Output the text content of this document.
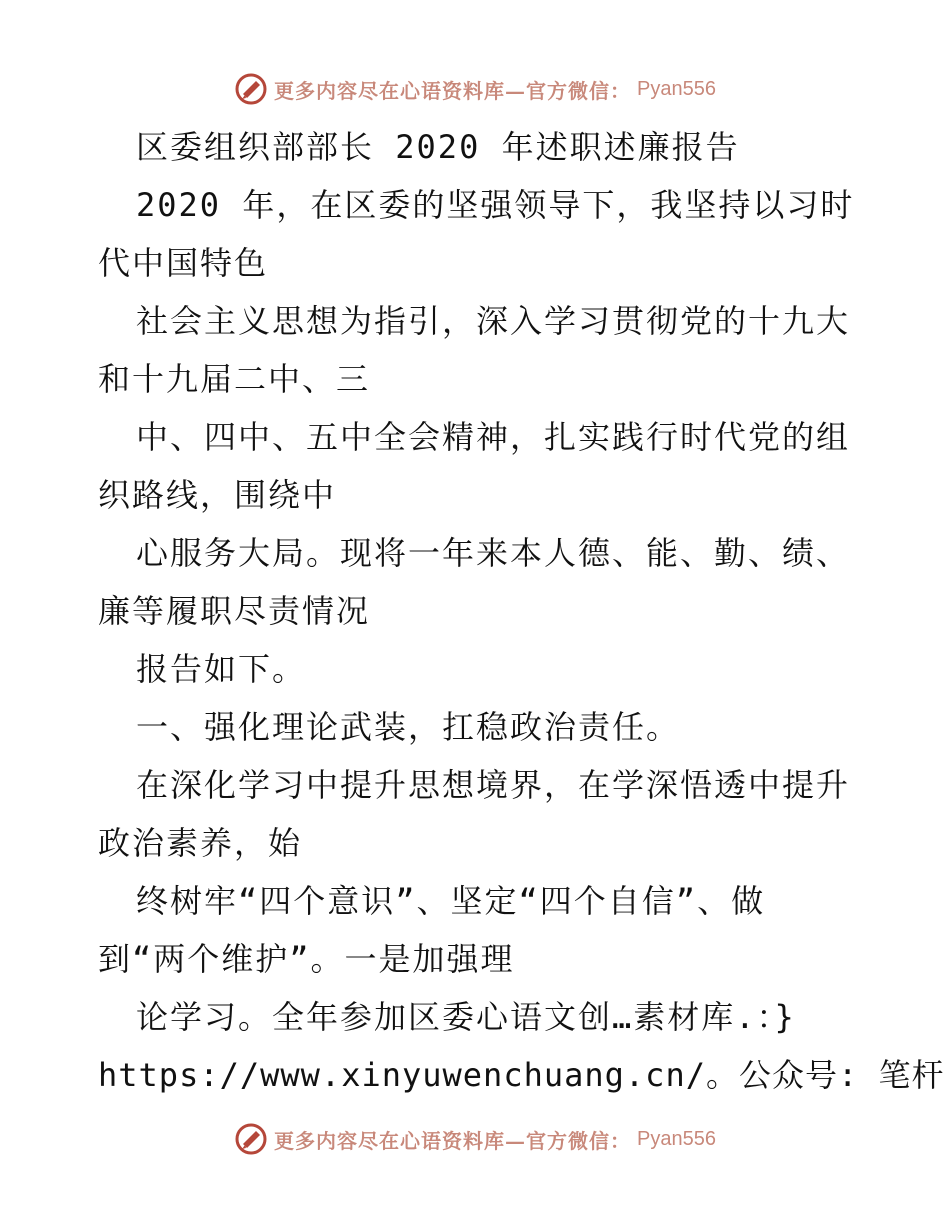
更多内容尽在心语资料库—官方微信： Pyan556
区委组织部部长 2020 年述职述廉报告
2020 年，在区委的坚强领导下，我坚持以习时
代中国特色
社会主义思想为指引，深入学习贯彻党的十九大
和十九届二中、三
中、四中、五中全会精神，扎实践行时代党的组
织路线，围绕中
心服务大局。现将一年来本人德、能、勤、绩、
廉等履职尽责情况
报告如下。
一、强化理论武装，扛稳政治责任。
在深化学习中提升思想境界，在学深悟透中提升
政治素养，始
终树牢“四个意识”、坚定“四个自信”、做
到“两个维护”。一是加强理
论学习。全年参加区委心语文创…素材库.：}
https://www.xinyuwenchuang.cn/。公众号: 笔杆
更多内容尽在心语资料库—官方微信： Pyan556
